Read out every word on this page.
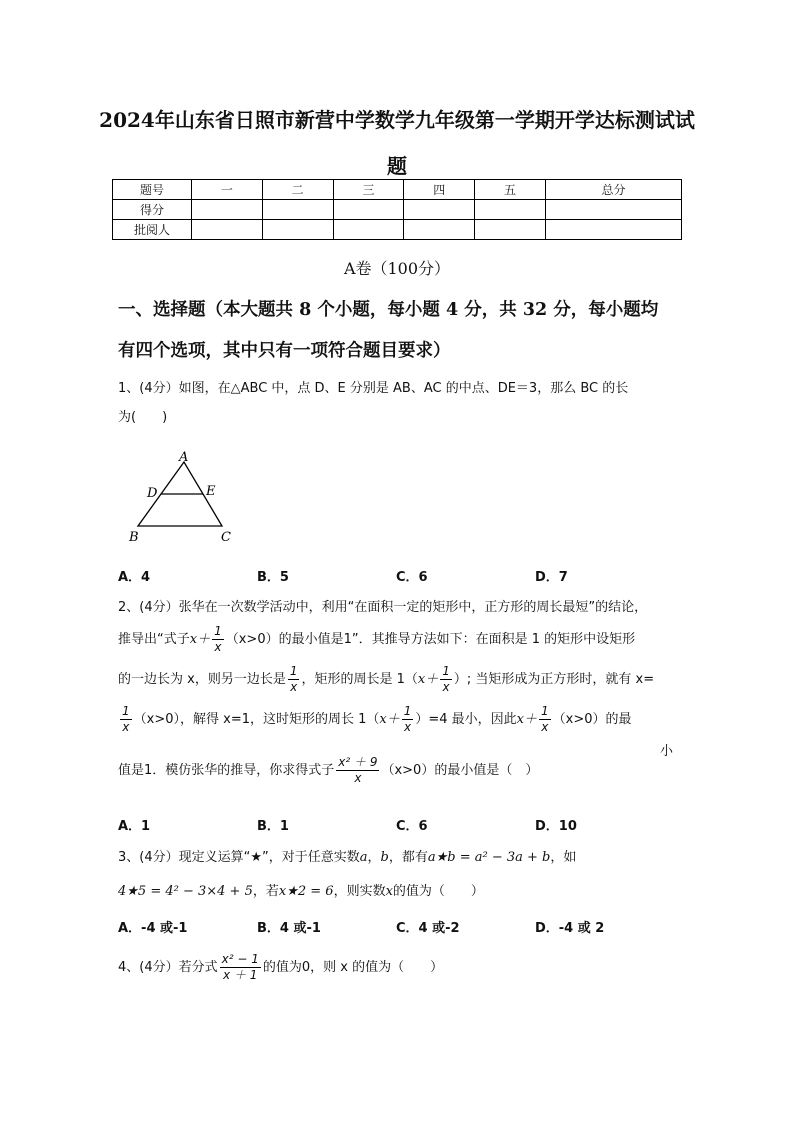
2024年山东省日照市新营中学数学九年级第一学期开学达标测试试
题
题号	一	二	三	四	五	总分
得分						
批阅人						
A卷（100分）
一、选择题（本大题共 8 个小题，每小题 4 分，共 32 分，每小题均
有四个选项，其中只有一项符合题目要求）
1、(4分）如图，在△ABC 中，点 D、E 分别是 AB、AC 的中点、DE＝3，那么 BC 的长
为(　　)
A
D	E
B	C
A．4	B．5	C．6	D．7
2、(4分）张华在一次数学活动中，利用“在面积一定的矩形中，正方形的周长最短”的结论，
推导出“式子$x+ \frac{1}{x} (x>0)$的最小值是1”．其推导方法如下：在面积是 1 的矩形中设矩形
的一边长为 x，则另一边长是 $\frac{1}{x}$ ，矩形的周长是 $1(x+ \frac{1}{x}$ ）; 当矩形成为正方形时，就有 x=
$\frac{1}{x} (x>0)$，解得 x=1，这时矩形的周长 $1(x+ \frac{1}{x} )=4$ 最小，因此$x+ \frac{1}{x} (x>0)$的最
小
值是1．模仿张华的推导，你求得式子 $\frac{\text{x² ＋ 9}}{x} (x>0)$的最小值是（　）
A．1	B．1	C．6	D．10
3、(4分）现定义运算“★”，对于任意实数a，b，都有a★b = a² − 3a + b，如
4★5 = 4² − 3×4 + 5，若x★2 = 6，则实数x的值为（　　）
A．-4 或-1	B．4 或-1	C．4 或-2	D．-4 或 2
4、(4分）若分式 $\frac{\text{x² − 1}}{x + 1}$ 的值为0，则 x 的值为（　　）
